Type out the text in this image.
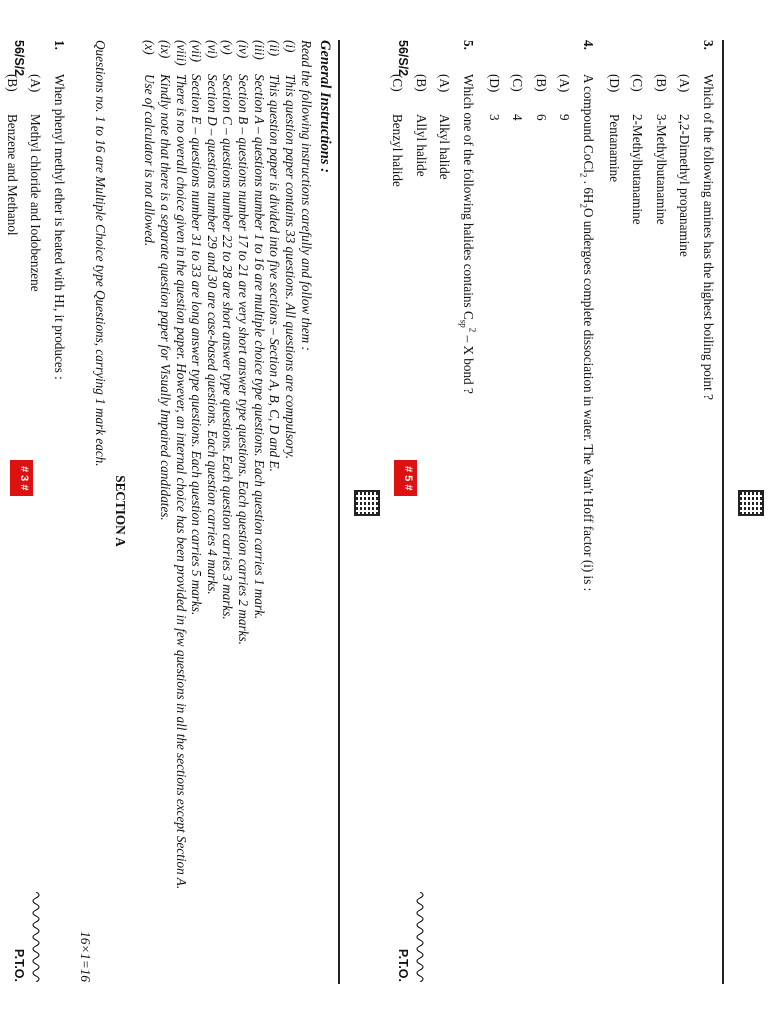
General Instructions :
Read the following instructions carefully and follow them :
(i)
This question paper contains 33 questions. All questions are compulsory.
(ii)
This question paper is divided into five sections – Section A, B, C, D and E.
(iii)
Section A – questions number 1 to 16 are multiple choice type questions. Each question carries 1 mark.
(iv)
Section B – questions number 17 to 21 are very short answer type questions. Each question carries 2 marks.
(v)
Section C – questions number 22 to 28 are short answer type questions. Each question carries 3 marks.
(vi)
Section D – questions number 29 and 30 are case-based questions. Each question carries 4 marks.
(vii)
Section E – questions number 31 to 33 are long answer type questions. Each question carries 5 marks.
(viii)
There is no overall choice given in the question paper. However, an internal choice has been provided in few questions in all the sections except Section A.
(ix)
Kindly note that there is a separate question paper for Visually Impaired candidates.
(x)
Use of calculator is not allowed.
SECTION A
Questions no. 1 to 16 are Multiple Choice type Questions, carrying 1 mark each.
16×1=16
1.
When phenyl methyl ether is heated with HI, it produces :
(A)
Methyl chloride and Iodobenzene
(B)
Benzene and Methanol
56/S/2
# 3 #
P.T.O.
3.
Which of the following amines has the highest boiling point ?
(A)
2,2-Dimethyl propanamine
(B)
3-Methylbutanamine
(C)
2-Methylbutanamine
(D)
Pentanamine
4.
A compound CoCl$_2$ . $6H_2O$ undergoes complete dissociation in water. The Van't Hoff factor (i) is :
(A)
9
(B)
6
(C)
4
(D)
3
5.
Which one of the following halides contains $C_{sp}^2$ – X bond ?
(A)
Alkyl halide
(B)
Allyl halide
(C)
Benzyl halide
56/S/2
# 5 #
P.T.O.
